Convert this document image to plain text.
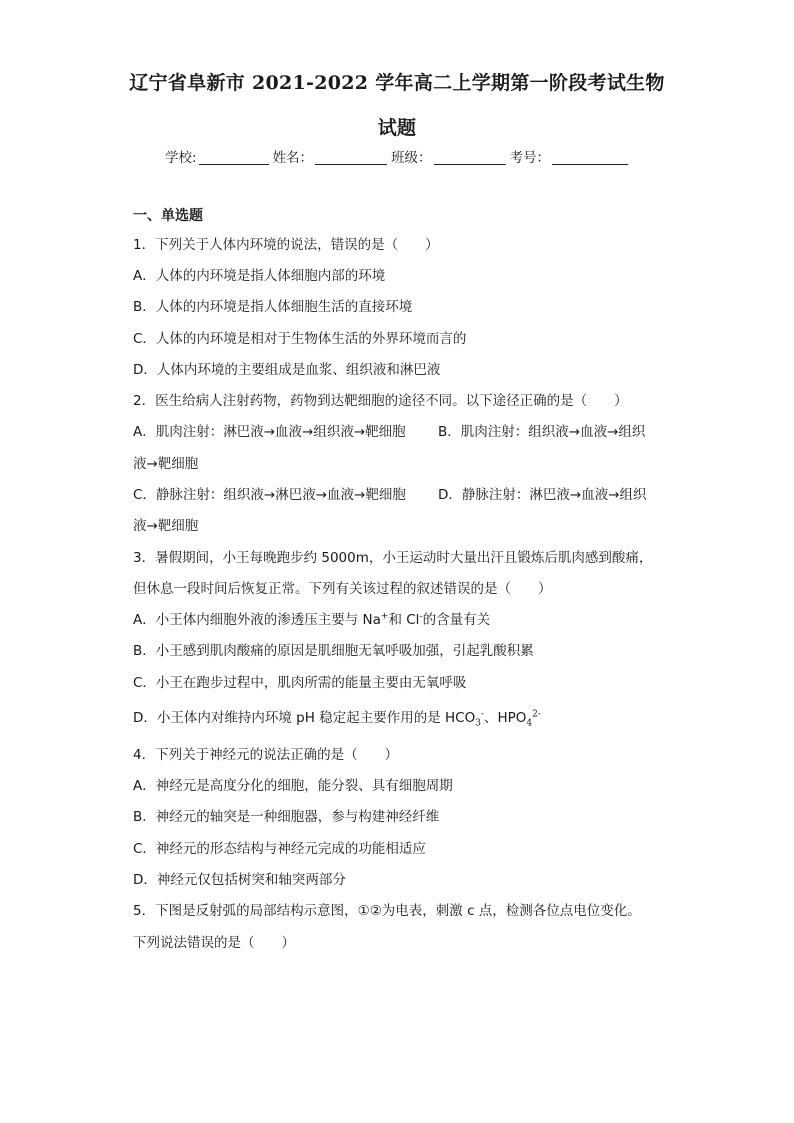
辽宁省阜新市 2021-2022 学年高二上学期第一阶段考试生物
试题
学校:	姓名：	班级：	考号：
一、单选题
1．下列关于人体内环境的说法，错误的是（　　）
A．人体的内环境是指人体细胞内部的环境
B．人体的内环境是指人体细胞生活的直接环境
C．人体的内环境是相对于生物体生活的外界环境而言的
D．人体内环境的主要组成是血浆、组织液和淋巴液
2．医生给病人注射药物，药物到达靶细胞的途径不同。以下途径正确的是（　　）
A．肌肉注射：淋巴液→血液→组织液→靶细胞 B．肌肉注射：组织液→血液→组织
液→靶细胞
C．静脉注射：组织液→淋巴液→血液→靶细胞 D．静脉注射：淋巴液→血液→组织
液→靶细胞
3．暑假期间，小王每晚跑步约 5000m，小王运动时大量出汗且锻炼后肌肉感到酸痛，
但休息一段时间后恢复正常。下列有关该过程的叙述错误的是（　　）
A．小王体内细胞外液的渗透压主要与 Na+和 Cl-的含量有关
B．小王感到肌肉酸痛的原因是肌细胞无氧呼吸加强，引起乳酸积累
C．小王在跑步过程中，肌肉所需的能量主要由无氧呼吸
D．小王体内对维持内环境 pH 稳定起主要作用的是 $HCO_3^-$、$HPO_4^{2-}$
4．下列关于神经元的说法正确的是（　　）
A．神经元是高度分化的细胞，能分裂、具有细胞周期
B．神经元的轴突是一种细胞器，参与构建神经纤维
C．神经元的形态结构与神经元完成的功能相适应
D．神经元仅包括树突和轴突两部分
5．下图是反射弧的局部结构示意图，①②为电表，刺激 c 点，检测各位点电位变化。
下列说法错误的是（　　）
